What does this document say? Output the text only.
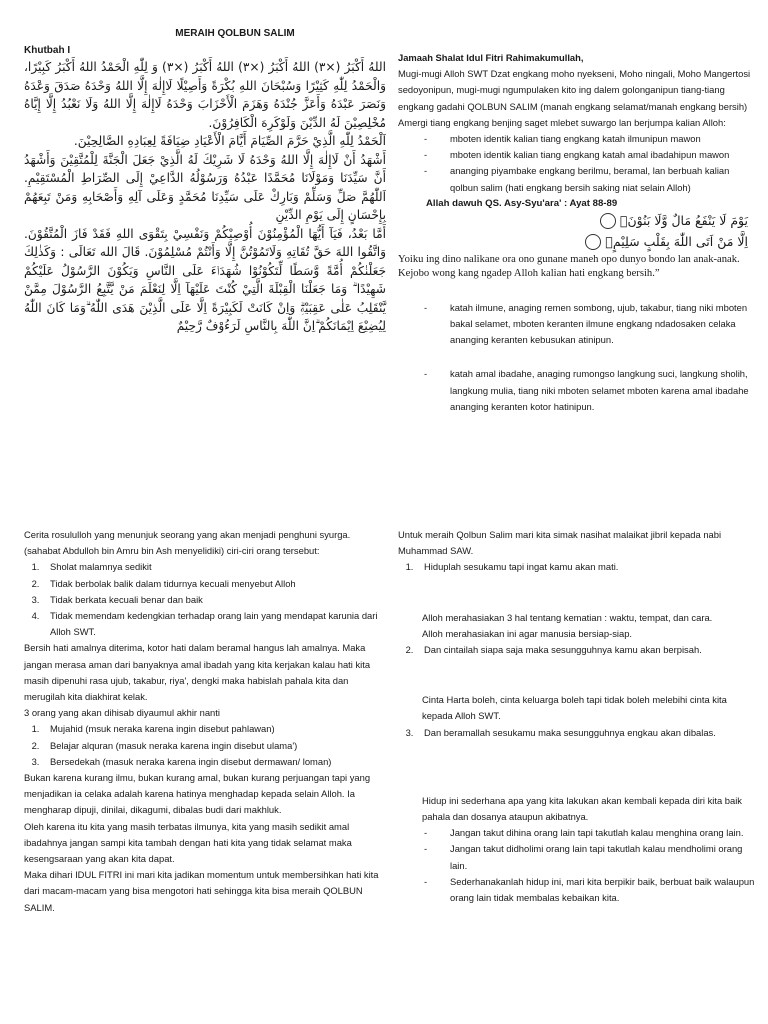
MERAIH QOLBUN SALIM
Khutbah I
اللهُ أَكْبَرُ (×٣) اللهُ أَكْبَرُ (×٣) اللهُ أَكْبَرُ (×٣) وَ لِلّٰهِ الْحَمْدُ اللهُ أَكْبَرُ كَبِيْرًا، وَالْحَمْدُ لِلّٰهِ كَثِيْرًا وَسُبْحَانَ اللهِ بُكْرَةً وَأَصِيْلًا لَاإِلٰهَ إِلَّا اللهُ وَحْدَهُ صَدَقَ وَعْدَهُ وَنَصَرَ عَبْدَهُ وَأَعَزَّ جُنْدَهُ وَهَزَمَ الْأَحْزَابَ وَحْدَهُ لَاإِلٰهَ إِلَّا اللهُ وَلَا نَعْبُدُ إِلَّا إِيَّاهُ مُخْلِصِيْنَ لَهُ الدِّيْنَ وَلَوْكَرِهَ الْكَافِرُوْنَ.
اَلْحَمْدُ لِلّٰهِ الَّذِيْ حَرَّمَ الصِّيَامَ أَيَّامَ الْأَعْيَادِ ضِيَافَةً لِعِبَادِهِ الصَّالِحِيْنَ.
أَشْهَدُ أَنْ لَاإِلٰهَ إِلَّا اللهُ وَحْدَهُ لَا شَرِيْكَ لَهُ الَّذِيْ جَعَلَ الْجَنَّةَ لِلْمُتَّقِيْنَ وَأَشْهَدُ أَنَّ سَيِّدَنَا وَمَوْلَانَا مُحَمَّدًا عَبْدُهُ وَرَسُوْلُهُ الدَّاعِيْ إِلَى الصِّرَاطِ الْمُسْتَقِيْمِ. اَللّٰهُمَّ صَلِّ وَسَلِّمْ وَبَارِكْ عَلَى سَيِّدِنَا مُحَمَّدٍ وَعَلَى آلِهِ وَأَصْحَابِهِ وَمَنْ تَبِعَهُمْ بِإِحْسَانٍ إِلَى يَوْمِ الدِّيْنِ
أَمَّا بَعْدُ، فَيَآ أَيُّهَا الْمُؤْمِنُوْنَ أُوْصِيْكُمْ وَنَفْسِيْ بِتَقْوَى اللهِ فَقَدْ فَازَ الْمُتَّقُوْنَ. وَاتَّقُوا اللهَ حَقَّ تُقَاتِهِ وَلَاتَمُوْتُنَّ إِلَّا وَأَنْتُمْ مُسْلِمُوْنَ. قَالَ الله تَعَالَى : وَكَذٰلِكَ جَعَلْنٰكُمْ أُمَّةً وَّسَطًا لِّتَكُوْنُوْا شُهَدَاۤءَ عَلَى النَّاسِ وَيَكُوْنَ الرَّسُوْلُ عَلَيْكُمْ شَهِيْدًا ۗ وَمَا جَعَلْنَا الْقِبْلَةَ الَّتِيْ كُنْتَ عَلَيْهَآ اِلَّا لِنَعْلَمَ مَنْ يَّتَّبِعُ الرَّسُوْلَ مِمَّنْ يَّنْقَلِبُ عَلٰى عَقِبَيْهِۗ وَاِنْ كَانَتْ لَكَبِيْرَةً اِلَّا عَلَى الَّذِيْنَ هَدَى اللّٰهُ ۗوَمَا كَانَ اللّٰهُ لِيُضِيْعَ اِيْمَانَكُمْ ۗاِنَّ اللّٰهَ بِالنَّاسِ لَرَءُوْفٌ رَّحِيْمٌ

Jamaah Shalat Idul Fitri Rahimakumullah,

Mugi-mugi Alloh SWT Dzat engkang moho nyekseni, Moho ningali, Moho Mangertosi sedoyonipun, mugi-mugi ngumpulaken kito ing dalem golonganipun tiang-tiang engkang gadahi QOLBUN SALIM (manah engkang selamat/manah engkang bersih)

Amergi tiang engkang benjing saget mlebet suwargo lan berjumpa kalian Alloh:

- mboten identik kalian tiang engkang katah ilmunipun mawon
- mboten identik kalian tiang engkang katah amal ibadahipun mawon
- ananging piyambake engkang berilmu, beramal, lan berbuah kalian qolbun salim (hati engkang bersih saking niat selain Alloh)
Allah dawuh QS. Asy-Syu'ara' : Ayat 88-89
يَوْمَ لَا يَنْفَعُ مَالٌ وَّلَا بَنُوْنَۙ
اِلَّا مَنْ اَتَى اللّٰهَ بِقَلْبٍ سَلِيْمٍۗ

Yoiku ing dino nalikane ora ono gunane maneh opo dunyo bondo lan anak-anak. Kejobo wong kang ngadep Alloh kalian hati engkang bersih.”

- katah ilmune, anaging remen sombong, ujub, takabur, tiang niki mboten bakal selamet, mboten keranten ilmune engkang ndadosaken celaka ananging keranten kebusukan atinipun.
- katah amal ibadahe, anaging rumongso langkung suci, langkung sholih, langkung mulia, tiang niki mboten selamet mboten karena amal ibadahe ananging keranten kotor hatinipun.

Cerita rosululloh yang menunjuk seorang yang akan menjadi penghuni syurga.

(sahabat Abdulloh bin Amru bin Ash menyelidiki) ciri-ciri orang tersebut:

1. Sholat malamnya sedikit
2. Tidak berbolak balik dalam tidurnya kecuali menyebut Alloh
3. Tidak berkata kecuali benar dan baik
4. Tidak memendam kedengkian terhadap orang lain yang mendapat karunia dari Alloh SWT.

Bersih hati amalnya diterima, kotor hati dalam beramal hangus lah amalnya. Maka jangan merasa aman dari banyaknya amal ibadah yang kita kerjakan kalau hati kita masih dipenuhi rasa ujub, takabur, riya', dengki maka habislah pahala kita dan merugilah kita diakhirat kelak.

3 orang yang akan dihisab diyaumul akhir nanti

1. Mujahid (msuk neraka karena ingin disebut pahlawan)
2. Belajar alquran (masuk neraka karena ingin disebut ulama')
3. Bersedekah (masuk neraka karena ingin disebut dermawan/ loman)

Bukan karena kurang ilmu, bukan kurang amal, bukan kurang perjuangan tapi yang menjadikan ia celaka adalah karena hatinya menghadap kepada selain Alloh. Ia mengharap dipuji, dinilai, dikagumi, dibalas budi dari makhluk.

Oleh karena itu kita yang masih terbatas ilmunya, kita yang masih sedikit amal ibadahnya jangan sampi kita tambah dengan hati kita yang tidak selamat maka kesengsaraan yang akan kita dapat.

Maka dihari IDUL FITRI ini mari kita jadikan momentum untuk membersihkan hati kita dari macam-macam yang bisa mengotori hati sehingga kita bisa meraih QOLBUN SALIM.

Untuk meraih Qolbun Salim mari kita simak nasihat malaikat jibril kepada nabi Muhammad SAW.

1. Hiduplah sesukamu tapi ingat kamu akan mati.

Alloh merahasiakan 3 hal tentang kematian : waktu, tempat, dan cara.

Alloh merahasiakan ini agar manusia bersiap-siap.

2. Dan cintailah siapa saja maka sesungguhnya kamu akan berpisah.

Cinta Harta boleh, cinta keluarga boleh tapi tidak boleh melebihi cinta kita kepada Alloh SWT.

3. Dan beramallah sesukamu maka sesungguhnya engkau akan dibalas.

Hidup ini sederhana apa yang kita lakukan akan kembali kepada diri kita baik pahala dan dosanya ataupun akibatnya.

- Jangan takut dihina orang lain tapi takutlah kalau menghina orang lain.
- Jangan takut didholimi orang lain tapi takutlah kalau mendholimi orang lain.
- Sederhanakanlah hidup ini, mari kita berpikir baik, berbuat baik walaupun orang lain tidak membalas kebaikan kita.
